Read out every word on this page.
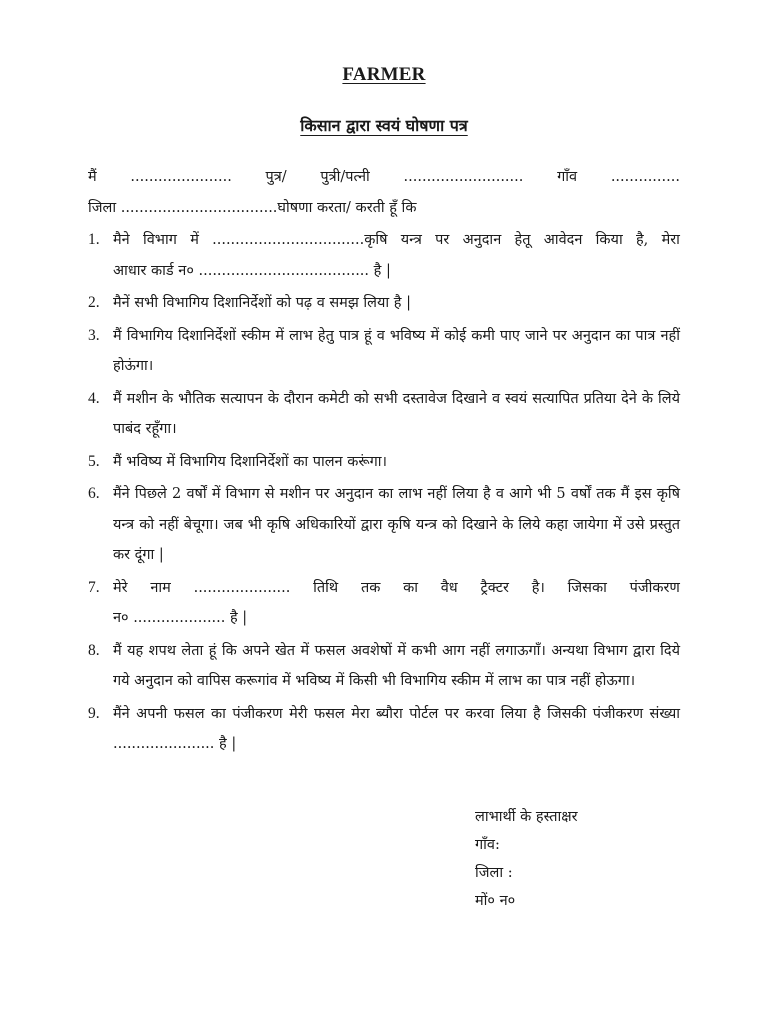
FARMER
किसान द्वारा स्वयं घोषणा पत्र
मैं ...................... पुत्र/ पुत्री/पत्नी .......................... गाँव ...............
जिला ..................................घोषणा करता/ करती हूँ कि
1. मैने विभाग में .................................कृषि यन्त्र पर अनुदान हेतू आवेदन किया है, मेरा
आधार कार्ड न० ..................................... है |
2. मैनें सभी विभागिय दिशानिर्देशों को पढ़ व समझ लिया है |
3. मैं विभागिय दिशानिर्देशों स्कीम में लाभ हेतु पात्र हूं व भविष्य में कोई कमी पाए जाने पर अनुदान का पात्र नहीं होऊंगा।
4. मैं मशीन के भौतिक सत्यापन के दौरान कमेटी को सभी दस्तावेज दिखाने व स्वयं सत्यापित प्रतिया देने के लिये पाबंद रहूँगा।
5. मैं भविष्य में विभागिय दिशानिर्देशों का पालन करूंगा।
6. मैंने पिछले 2 वर्षों में विभाग से मशीन पर अनुदान का लाभ नहीं लिया है व आगे भी 5 वर्षों तक मैं इस कृषि यन्त्र को नहीं बेचूगा। जब भी कृषि अधिकारियों द्वारा कृषि यन्त्र को दिखाने के लिये कहा जायेगा में उसे प्रस्तुत कर दूंगा |
7. मेरे नाम ..................... तिथि तक का वैध ट्रैक्टर है। जिसका पंजीकरण
न० .................... है |
8. मैं यह शपथ लेता हूं कि अपने खेत में फसल अवशेषों में कभी आग नहीं लगाऊगाँ। अन्यथा विभाग द्वारा दिये गये अनुदान को वापिस करूगांव में भविष्य में किसी भी विभागिय स्कीम में लाभ का पात्र नहीं होऊगा।
9. मैंने अपनी फसल का पंजीकरण मेरी फसल मेरा ब्यौरा पोर्टल पर करवा लिया है जिसकी पंजीकरण संख्या ...................... है |
लाभार्थी के हस्ताक्षर
गाँव:
जिला :
मों० न०
